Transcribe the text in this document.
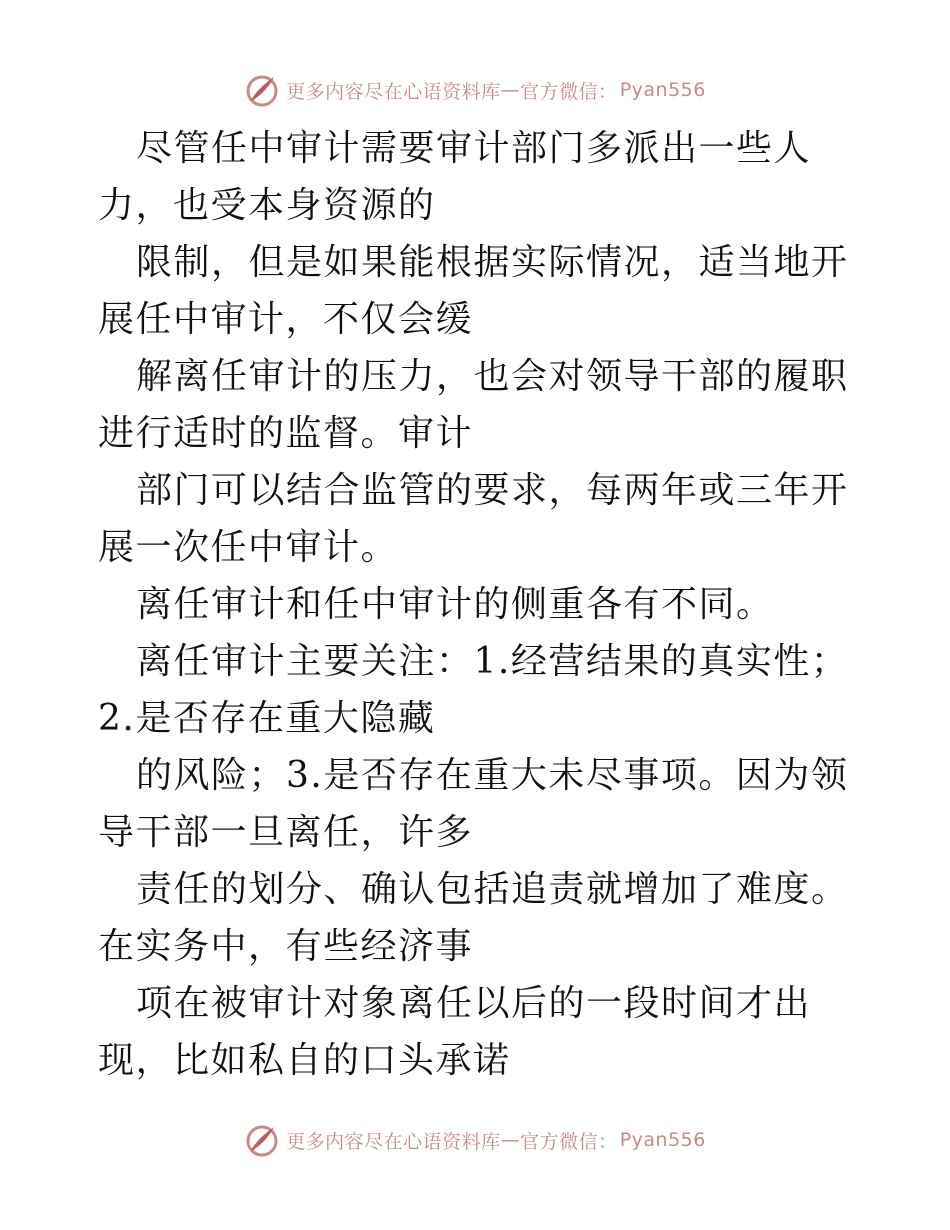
更多内容尽在心语资料库 — 官方微信： Pyan556

尽管任中审计需要审计部门多派出一些人力，也受本身资源的

限制，但是如果能根据实际情况，适当地开展任中审计，不仅会缓

解离任审计的压力，也会对领导干部的履职进行适时的监督。审计

部门可以结合监管的要求，每两年或三年开展一次任中审计。

离任审计和任中审计的侧重各有不同。

离任审计主要关注：1.经营结果的真实性；2.是否存在重大隐藏

的风险；3.是否存在重大未尽事项。因为领导干部一旦离任，许多

责任的划分、确认包括追责就增加了难度。在实务中，有些经济事

项在被审计对象离任以后的一段时间才出现，比如私自的口头承诺

更多内容尽在心语资料库 — 官方微信： Pyan556
